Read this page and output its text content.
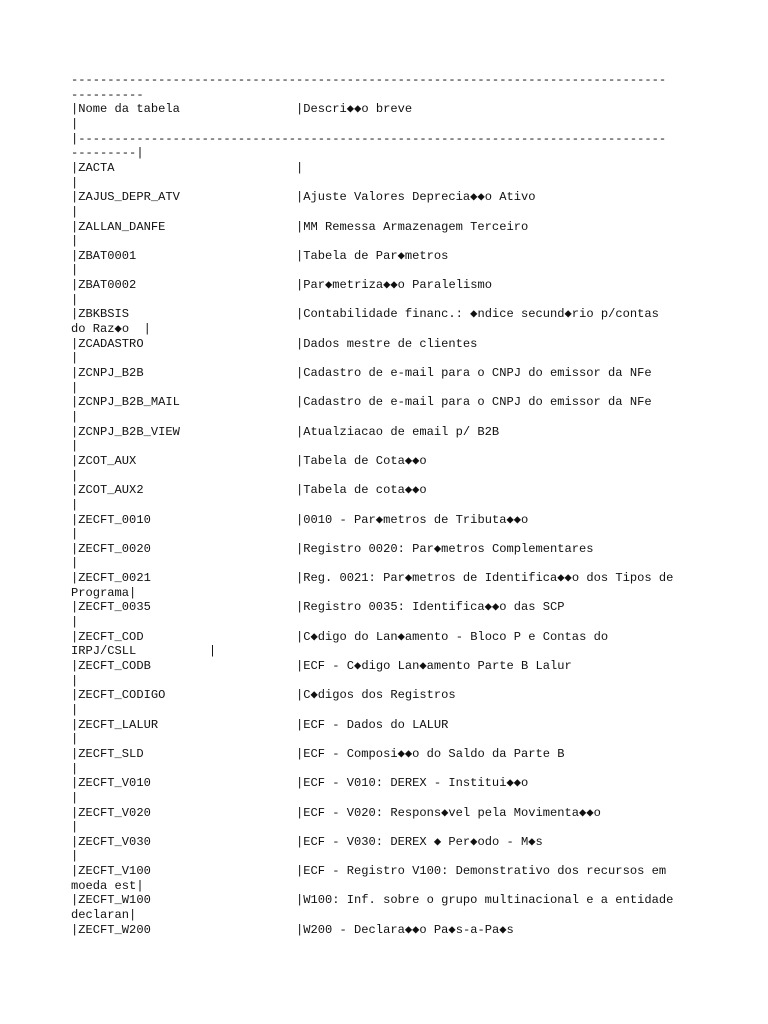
----------------------------------------------------------------------------------
----------
|Nome da tabela                |Descri◆◆o breve
|
|---------------------------------------------------------------------------------
---------|
|ZACTA                         |
|
|ZAJUS_DEPR_ATV                |Ajuste Valores Deprecia◆◆o Ativo
|
|ZALLAN_DANFE                  |MM Remessa Armazenagem Terceiro
|
|ZBAT0001                      |Tabela de Par◆metros
|
|ZBAT0002                      |Par◆metriza◆◆o Paralelismo
|
|ZBKBSIS                       |Contabilidade financ.: ◆ndice secund◆rio p/contas
do Raz◆o  |
|ZCADASTRO                     |Dados mestre de clientes
|
|ZCNPJ_B2B                     |Cadastro de e-mail para o CNPJ do emissor da NFe
|
|ZCNPJ_B2B_MAIL                |Cadastro de e-mail para o CNPJ do emissor da NFe
|
|ZCNPJ_B2B_VIEW                |Atualziacao de email p/ B2B
|
|ZCOT_AUX                      |Tabela de Cota◆◆o
|
|ZCOT_AUX2                     |Tabela de cota◆◆o
|
|ZECFT_0010                    |0010 - Par◆metros de Tributa◆◆o
|
|ZECFT_0020                    |Registro 0020: Par◆metros Complementares
|
|ZECFT_0021                    |Reg. 0021: Par◆metros de Identifica◆◆o dos Tipos de
Programa|
|ZECFT_0035                    |Registro 0035: Identifica◆◆o das SCP
|
|ZECFT_COD                     |C◆digo do Lan◆amento - Bloco P e Contas do
IRPJ/CSLL          |
|ZECFT_CODB                    |ECF - C◆digo Lan◆amento Parte B Lalur
|
|ZECFT_CODIGO                  |C◆digos dos Registros
|
|ZECFT_LALUR                   |ECF - Dados do LALUR
|
|ZECFT_SLD                     |ECF - Composi◆◆o do Saldo da Parte B
|
|ZECFT_V010                    |ECF - V010: DEREX - Institui◆◆o
|
|ZECFT_V020                    |ECF - V020: Respons◆vel pela Movimenta◆◆o
|
|ZECFT_V030                    |ECF - V030: DEREX ◆ Per◆odo - M◆s
|
|ZECFT_V100                    |ECF - Registro V100: Demonstrativo dos recursos em
moeda est|
|ZECFT_W100                    |W100: Inf. sobre o grupo multinacional e a entidade
declaran|
|ZECFT_W200                    |W200 - Declara◆◆o Pa◆s-a-Pa◆s
